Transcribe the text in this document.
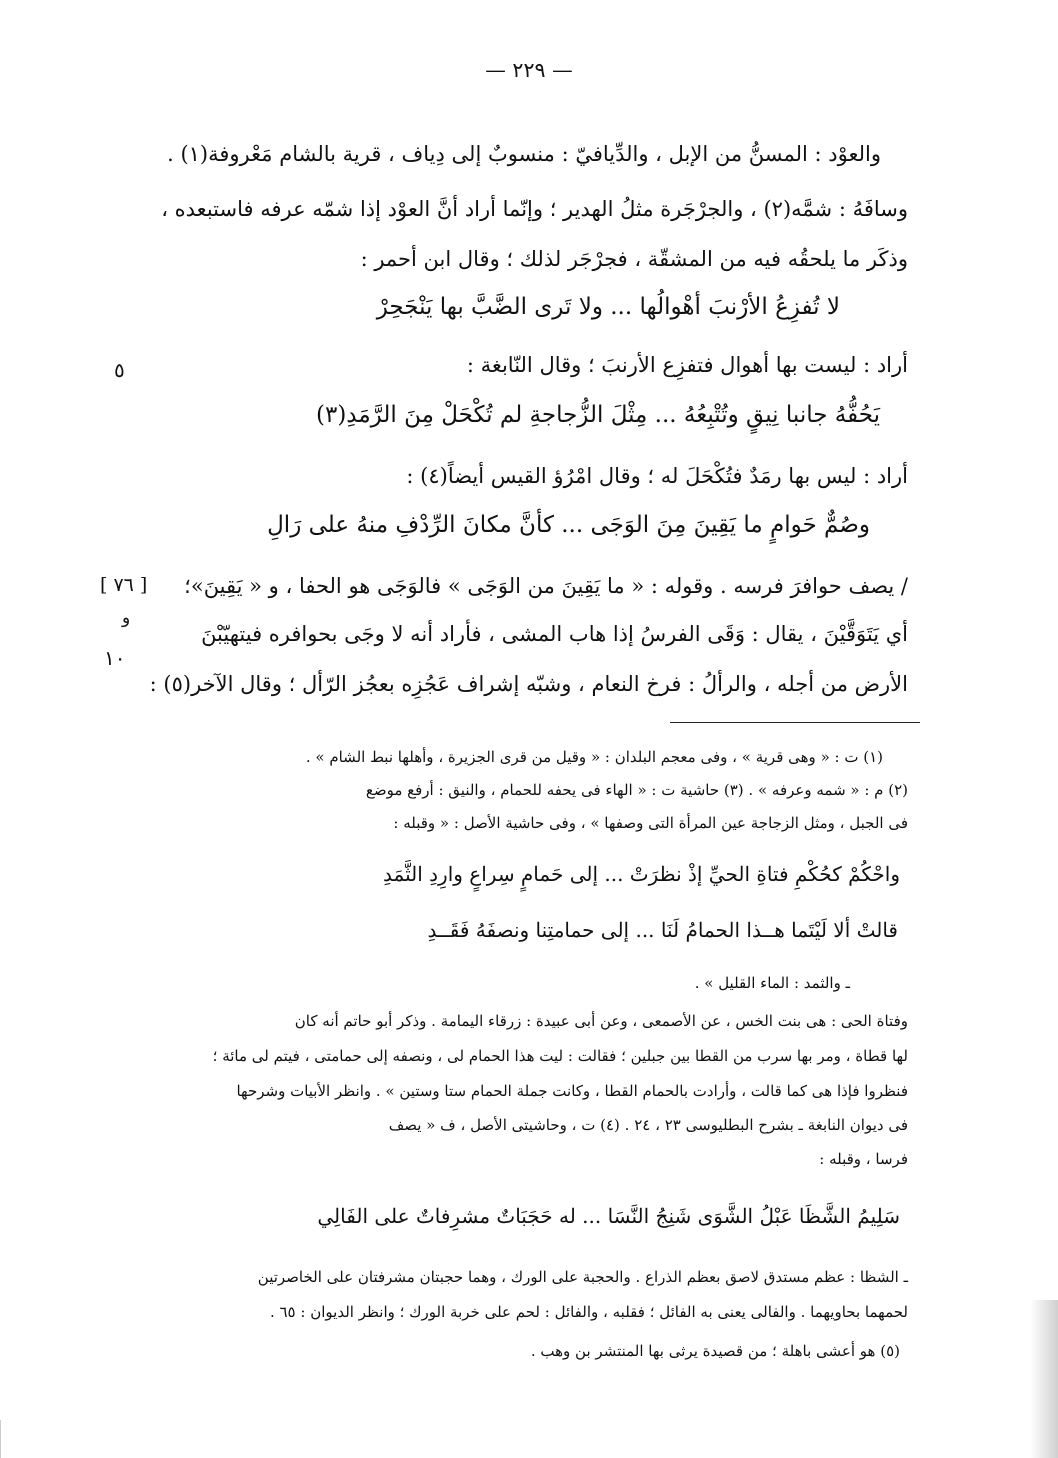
— ٢٢٩ —
والعوْد : المسنُّ من الإبل ، والدِّيافيّ : منسوبٌ إلى دِياف ، قرية بالشام مَعْروفة(١) .
وسافَهُ : شمَّه(٢) ، والجرْجَرة مثلُ الهدير ؛ وإنّما أراد أنَّ العوْد إذا شمّه عرفه فاستبعده ،
وذكَر ما يلحقُه فيه من المشقّة ، فجرْجَر لذلك ؛ وقال ابن أحمر :
لا تُفزِعُ الأرْنبَ أهْوالُها ... ولا تَرى الضَّبَّ بها يَنْجَحِرْ
أراد : ليست بها أهوال فتفزِع الأرنبَ ؛ وقال النّابغة :
يَحُفُّهُ جانبا نِيقٍ وتُتْبِعُهُ ... مِثْلَ الزُّجاجةِ لم تُكْحَلْ مِنَ الرَّمَدِ(٣)
أراد : ليس بها رمَدٌ فتُكْحَلَ له ؛ وقال امْرُؤ القيس أيضاً(٤) :
وصُمٌّ حَوامٍ ما يَقِينَ مِنَ الوَجَى ... كأنَّ مكانَ الرِّدْفِ منهُ على رَالِ
/ يصف حوافرَ فرسه . وقوله : « ما يَقِينَ من الوَجَى » فالوَجَى هو الحفا ، و « يَقِينَ»؛
أي يَتَوَقَّيْنَ ، يقال : وَقَى الفرسُ إذا هاب المشى ، فأراد أنه لا وجَى بحوافره فيتهيّبْنَ
الأرض من أجله ، والرألُ : فرخ النعام ، وشبّه إشراف عَجُزِه بعجُز الرّأل ؛ وقال الآخر(٥) :
٥
[ ٧٦ ]
و
١٠
(١) ت : « وهى قرية » ، وفى معجم البلدان : « وقيل من قرى الجزيرة ، وأهلها نبط الشام » .
(٢) م : « شمه وعرفه » . (٣) حاشية ت : « الهاء فى يحفه للحمام ، والنيق : أرفع موضع
فى الجبل ، ومثل الزجاجة عين المرأة التى وصفها » ، وفى حاشية الأصل : « وقبله :
واحْكُمْ كحُكْمِ فتاةِ الحيِّ إذْ نظرَتْ ... إلى حَمامٍ سِراعٍ وارِدِ الثَّمَدِ
قالتْ ألا لَيْتَما هــذا الحمامُ لَنَا ... إلى حمامتِنا ونصفَهُ فَقَــدِ
ـ والثمد : الماء القليل » .
وفتاة الحى : هى بنت الخس ، عن الأصمعى ، وعن أبى عبيدة : زرقاء اليمامة . وذكر أبو حاتم أنه كان
لها قطاة ، ومر بها سرب من القطا بين جبلين ؛ فقالت : ليت هذا الحمام لى ، ونصفه إلى حمامتى ، فيتم لى مائة ؛
فنظروا فإذا هى كما قالت ، وأرادت بالحمام القطا ، وكانت جملة الحمام ستا وستين » . وانظر الأبيات وشرحها
فى ديوان النابغة ـ بشرح البطليوسى ٢٣ ، ٢٤ . (٤) ت ، وحاشيتى الأصل ، ف « يصف
فرسا ، وقبله :
سَلِيمُ الشَّظَا عَبْلُ الشَّوَى شَنِجُ النَّسَا ... له حَجَبَاتٌ مشرِفاتٌ على الفَالِي
ـ الشظا : عظم مستدق لاصق بعظم الذراع . والحجبة على الورك ، وهما حجبتان مشرفتان على الخاصرتين
لحمهما بحاويهما . والفالى يعنى به الفائل ؛ فقلبه ، والفائل : لحم على خربة الورك ؛ وانظر الديوان : ٦٥ .
(٥) هو أعشى باهلة ؛ من قصيدة يرثى بها المنتشر بن وهب .
